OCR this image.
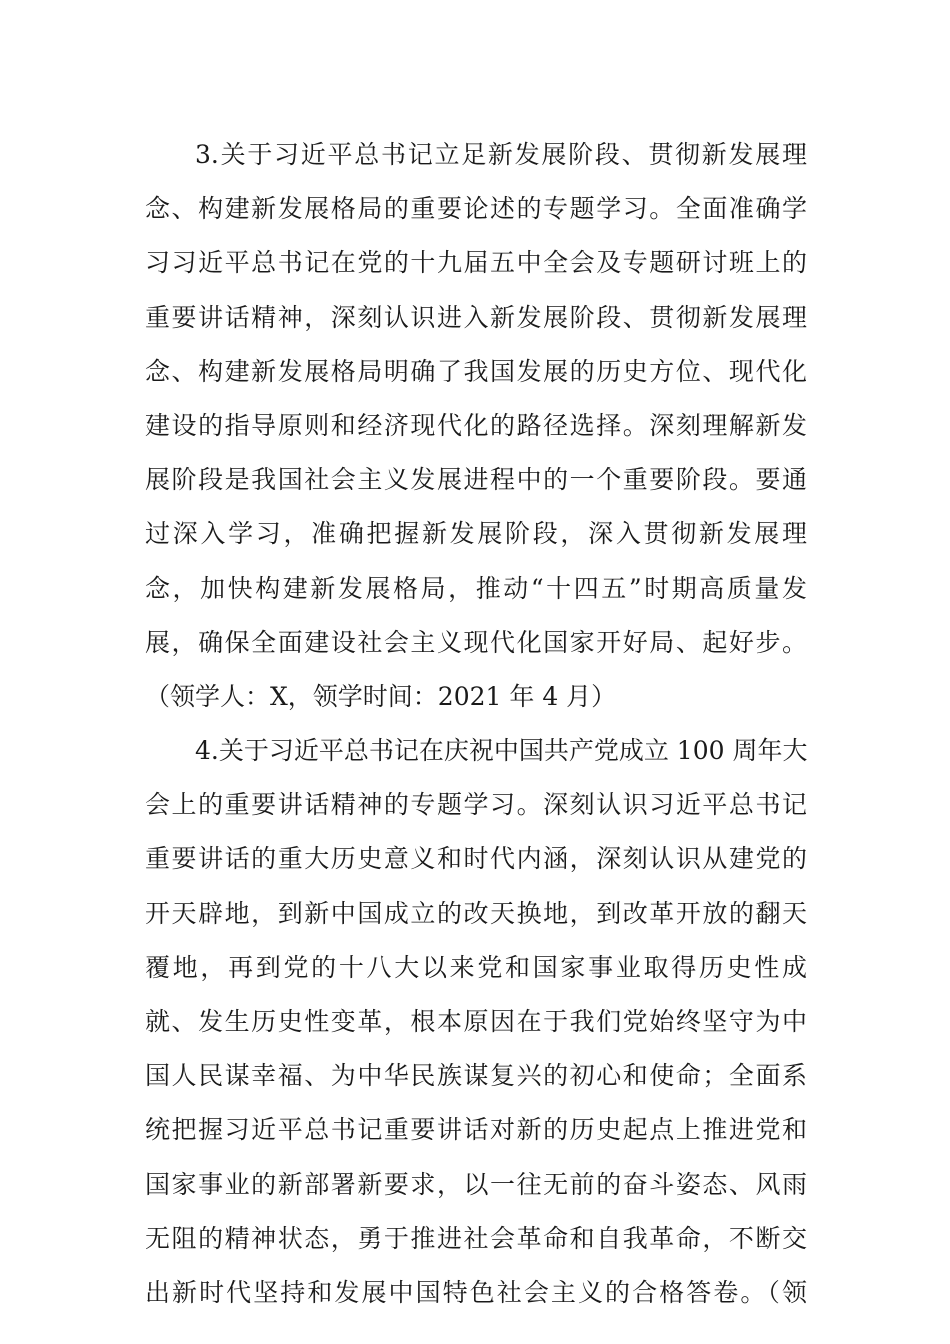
3.关于习近平总书记立足新发展阶段、贯彻新发展理
念、构建新发展格局的重要论述的专题学习。全面准确学
习习近平总书记在党的十九届五中全会及专题研讨班上的
重要讲话精神，深刻认识进入新发展阶段、贯彻新发展理
念、构建新发展格局明确了我国发展的历史方位、现代化
建设的指导原则和经济现代化的路径选择。深刻理解新发
展阶段是我国社会主义发展进程中的一个重要阶段。要通
过深入学习，准确把握新发展阶段，深入贯彻新发展理
念，加快构建新发展格局，推动“十四五”时期高质量发
展，确保全面建设社会主义现代化国家开好局、起好步。
（领学人：X，领学时间：2021 年 4 月）
4.关于习近平总书记在庆祝中国共产党成立 100 周年大
会上的重要讲话精神的专题学习。深刻认识习近平总书记
重要讲话的重大历史意义和时代内涵，深刻认识从建党的
开天辟地，到新中国成立的改天换地，到改革开放的翻天
覆地，再到党的十八大以来党和国家事业取得历史性成
就、发生历史性变革，根本原因在于我们党始终坚守为中
国人民谋幸福、为中华民族谋复兴的初心和使命；全面系
统把握习近平总书记重要讲话对新的历史起点上推进党和
国家事业的新部署新要求，以一往无前的奋斗姿态、风雨
无阻的精神状态，勇于推进社会革命和自我革命，不断交
出新时代坚持和发展中国特色社会主义的合格答卷。（领
